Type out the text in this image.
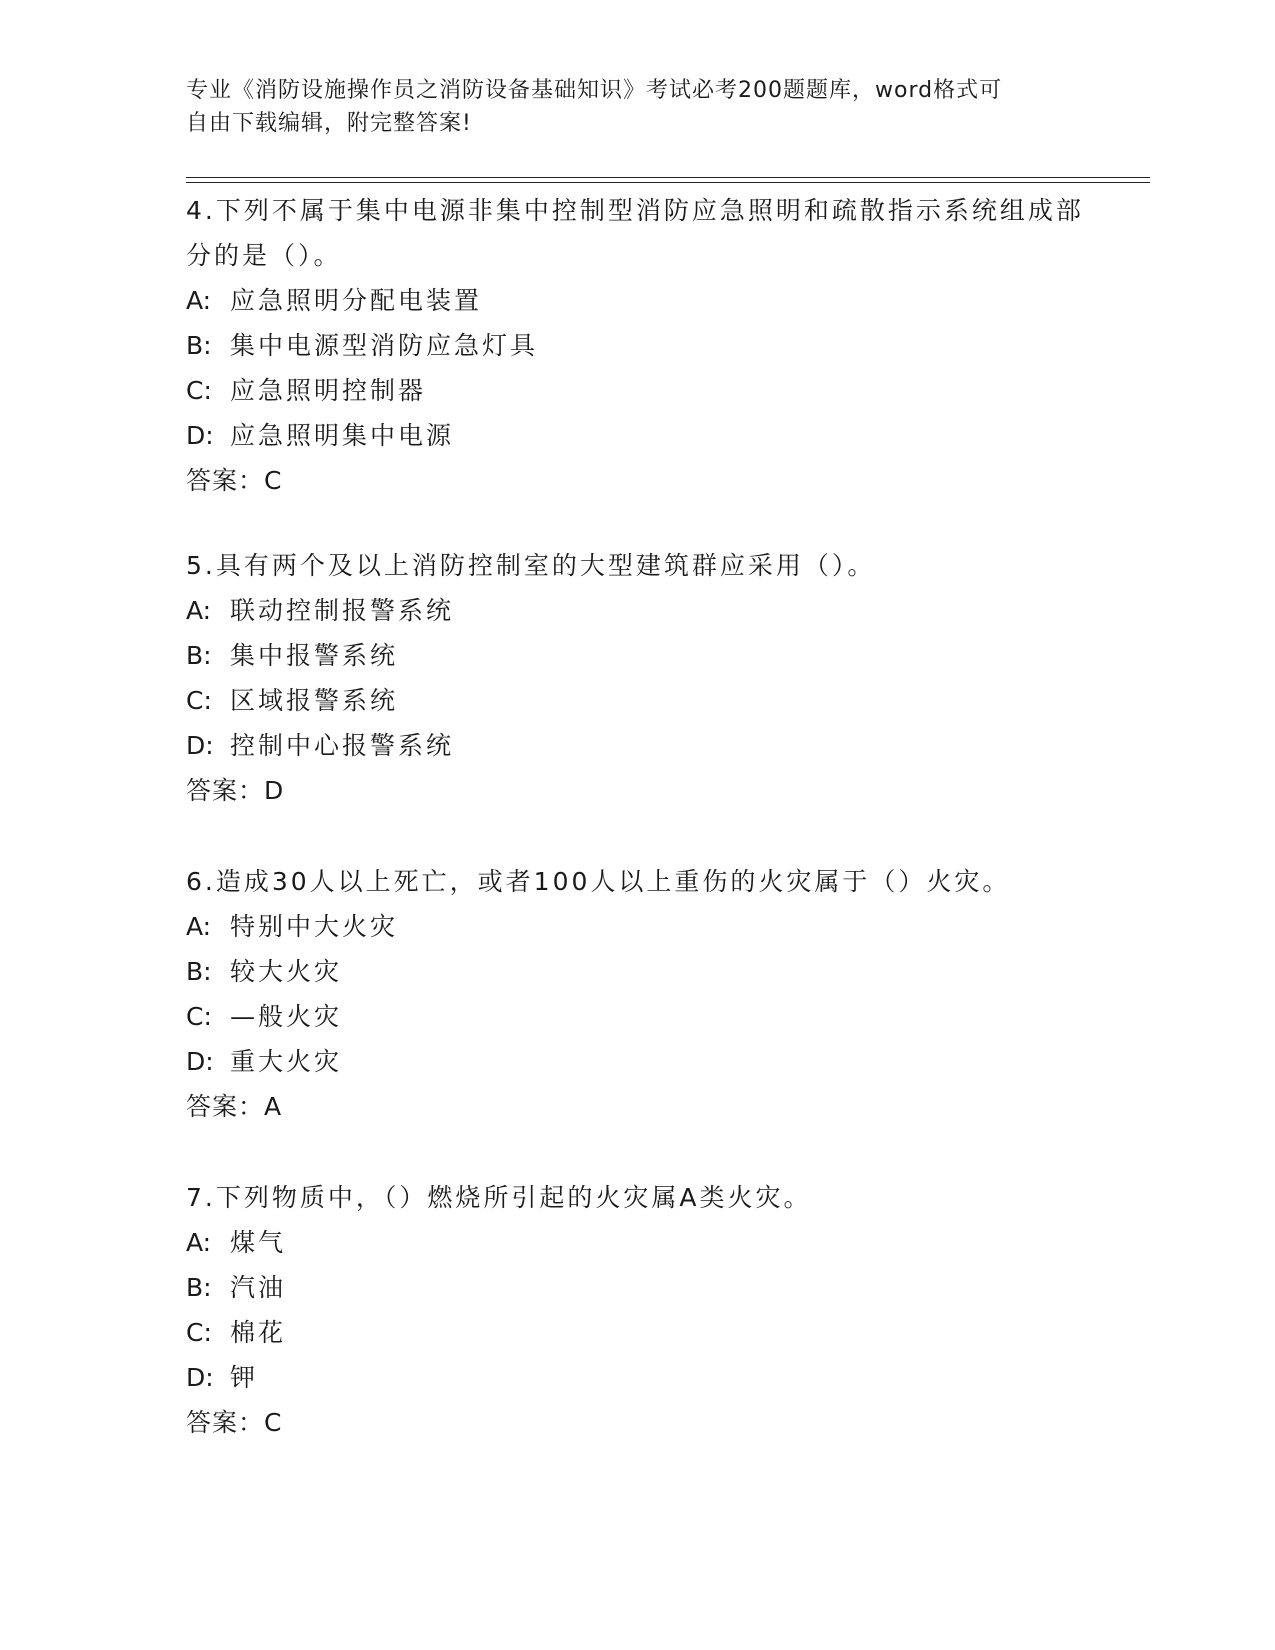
专业《消防设施操作员之消防设备基础知识》考试必考200题题库，word格式可
自由下载编辑，附完整答案!

4.下列不属于集中电源非集中控制型消防应急照明和疏散指示系统组成部分的是（）。

A: 应急照明分配电装置

B: 集中电源型消防应急灯具

C: 应急照明控制器

D: 应急照明集中电源

答案：C

5.具有两个及以上消防控制室的大型建筑群应采用（）。

A: 联动控制报警系统

B: 集中报警系统

C: 区域报警系统

D: 控制中心报警系统

答案：D

6.造成30人以上死亡，或者100人以上重伤的火灾属于（）火灾。

A: 特别中大火灾

B: 较大火灾

C: —般火灾

D: 重大火灾

答案：A

7.下列物质中，（）燃烧所引起的火灾属A类火灾。

A: 煤气

B: 汽油

C: 棉花

D: 钾

答案：C
